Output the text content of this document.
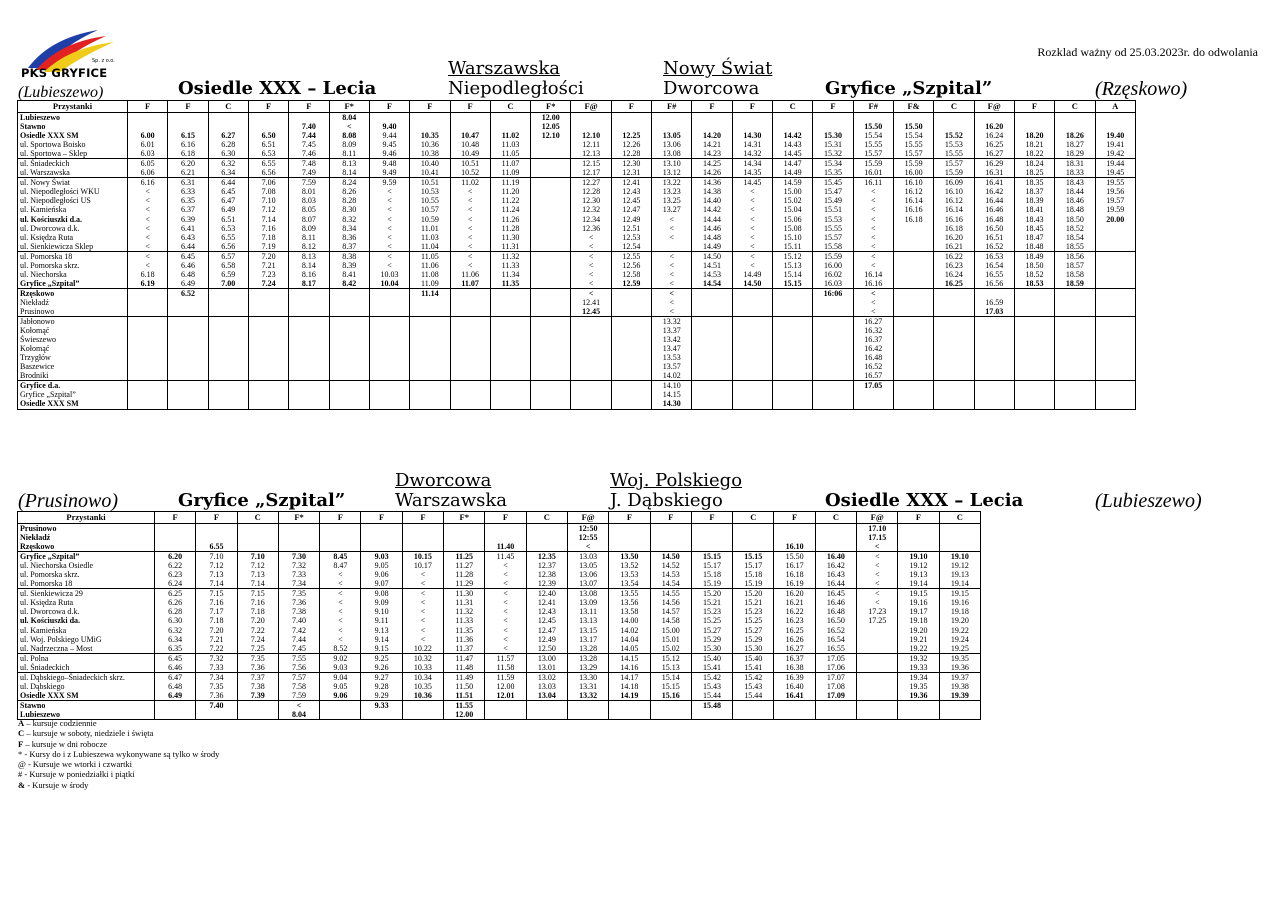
Sp. z o.o.
PKS GRYFICE
Rozklad ważny od 25.03.2023r. do odwolania
(Lubieszewo)	Osiedle XXX – Lecia
Warszawska
Niepodległości
Nowy Świat
Dworcowa	Gryfice „Szpital”	(Rzęskowo)
Przystanki	F	F	C	F	F	F*	F	F	F	C	F*	F@	F	F#	F	F	C	F	F#	F&	C	F@	F	C	A
Lubieszewo						8.04					12.00														
Stawno					7.40	<	9.40				12.05								15.50	15.50		16.20			
Osiedle XXX SM	6.00	6.15	6.27	6.50	7.44	8.08	9.44	10.35	10.47	11.02	12.10	12.10	12.25	13.05	14.20	14.30	14.42	15.30	15.54	15.54	15.52	16.24	18.20	18.26	19.40
ul. Sportowa Boisko	6.01	6.16	6.28	6.51	7.45	8.09	9.45	10.36	10.48	11.03		12.11	12.26	13.06	14.21	14.31	14.43	15.31	15.55	15.55	15.53	16.25	18.21	18.27	19.41
ul. Sportowa – Sklep	6.03	6.18	6.30	6.53	7.46	8.11	9.46	10.38	10.49	11.05		12.13	12.28	13.08	14.23	14.32	14.45	15.32	15.57	15.57	15.55	16.27	18.22	18.29	19.42
ul. Śniadeckich	6.05	6.20	6.32	6.55	7.48	8.13	9.48	10.40	10.51	11.07		12.15	12.30	13.10	14.25	14.34	14.47	15.34	15.59	15.59	15.57	16.29	18.24	18.31	19.44
ul. Warszawska	6.06	6.21	6.34	6.56	7.49	8.14	9.49	10.41	10.52	11.09		12.17	12.31	13.12	14.26	14.35	14.49	15.35	16.01	16.00	15.59	16.31	18.25	18.33	19.45
ul. Nowy Świat	6.16	6.31	6.44	7.06	7.59	8.24	9.59	10.51	11.02	11.19		12.27	12.41	13.22	14.36	14.45	14.59	15.45	16.11	16.10	16.09	16.41	18.35	18.43	19.55
ul. Niepodległości WKU	<	6.33	6.45	7.08	8.01	8.26	<	10.53	<	11.20		12.28	12.43	13.23	14.38	<	15.00	15.47	<	16.12	16.10	16.42	18.37	18.44	19.56
ul. Niepodległości US	<	6.35	6.47	7.10	8.03	8.28	<	10.55	<	11.22		12.30	12.45	13.25	14.40	<	15.02	15.49	<	16.14	16.12	16.44	18.39	18.46	19.57
ul. Kamieńska	<	6.37	6.49	7.12	8.05	8.30	<	10.57	<	11.24		12.32	12.47	13.27	14.42	<	15.04	15.51	<	16.16	16.14	16.46	18.41	18.48	19.59
ul. Kościuszki d.a.	<	6.39	6.51	7.14	8.07	8.32	<	10.59	<	11.26		12.34	12.49	<	14.44	<	15.06	15.53	<	16.18	16.16	16.48	18.43	18.50	20.00
ul. Dworcowa d.k.	<	6.41	6.53	7.16	8.09	8.34	<	11.01	<	11.28		12.36	12.51	<	14.46	<	15.08	15.55	<		16.18	16.50	18.45	18.52	
ul. Księdza Ruta	<	6.43	6.55	7.18	8.11	8.36	<	11.03	<	11.30		<	12.53	<	14.48	<	15.10	15.57	<		16.20	16.51	18.47	18.54	
ul. Sienkiewicza Sklep	<	6.44	6.56	7.19	8.12	8.37	<	11.04	<	11.31		<	12.54		14.49	<	15.11	15.58	<		16.21	16.52	18.48	18.55	
ul. Pomorska 18	<	6.45	6.57	7.20	8.13	8.38	<	11.05	<	11.32		<	12.55	<	14.50	<	15.12	15.59	<		16.22	16.53	18.49	18.56	
ul. Pomorska skrz.	<	6.46	6.58	7.21	8.14	8.39	<	11.06	<	11.33		<	12.56	<	14.51	<	15.13	16.00	<		16.23	16.54	18.50	18.57	
ul. Niechorska	6.18	6.48	6.59	7.23	8.16	8.41	10.03	11.08	11.06	11.34		<	12.58	<	14.53	14.49	15.14	16.02	16.14		16.24	16.55	18.52	18.58	
Gryfice „Szpital”	6.19	6.49	7.00	7.24	8.17	8.42	10.04	11.09	11.07	11.35		<	12.59	<	14.54	14.50	15.15	16.03	16.16		16.25	16.56	18.53	18.59	
Rzęskowo		6.52						11.14				<		<				16:06	<						
Niekładź												12.41		<					<			16.59			
Prusinowo												12.45		<					<			17.03			
Jabłonowo														13.32					16.27						
Kołomąć														13.37					16.32						
Świeszewo														13.42					16.37						
Kołomąć														13.47					16.42						
Trzygłów														13.53					16.48						
Baszewice														13.57					16.52						
Brodniki														14.02					16.57						
Gryfice d.a.														14.10					17.05						
Gryfice „Szpital”														14.15											
Osiedle XXX SM														14.30											
(Prusinowo)	Gryfice „Szpital”
Dworcowa
Warszawska
Woj. Polskiego
J. Dąbskiego	Osiedle XXX – Lecia	(Lubieszewo)
Przystanki	F	F	C	F*	F	F	F	F*	F	C	F@	F	F	F	C	F	C	F@	F	C
Prusinowo											12:50							17.10		
Niekładź											12:55							17.15		
Rzęskowo		6.55							11.40		<					16.10		<		
Gryfice „Szpital”	6.20	7.10	7.10	7.30	8.45	9.03	10.15	11.25	11.45	12.35	13.03	13.50	14.50	15.15	15.15	15.50	16.40	<	19.10	19.10
ul. Niechorska Osiedle	6.22	7.12	7.12	7.32	8.47	9.05	10.17	11.27	<	12.37	13.05	13.52	14.52	15.17	15.17	16.17	16.42	<	19.12	19.12
ul. Pomorska skrz.	6.23	7.13	7.13	7.33	<	9.06	<	11.28	<	12.38	13.06	13.53	14.53	15.18	15.18	16.18	16.43	<	19.13	19.13
ul. Pomorska 18	6.24	7.14	7.14	7.34	<	9.07	<	11.29	<	12.39	13.07	13.54	14.54	15.19	15.19	16.19	16.44	<	19.14	19.14
ul. Sienkiewicza 29	6.25	7.15	7.15	7.35	<	9.08	<	11.30	<	12.40	13.08	13.55	14.55	15.20	15.20	16.20	16.45	<	19.15	19.15
ul. Księdza Ruta	6.26	7.16	7.16	7.36	<	9.09	<	11.31	<	12.41	13.09	13.56	14.56	15.21	15.21	16.21	16.46	<	19.16	19.16
ul. Dworcowa d.k.	6.28	7.17	7.18	7.38	<	9.10	<	11.32	<	12.43	13.11	13.58	14.57	15.23	15.23	16.22	16.48	17.23	19.17	19.18
ul. Kościuszki da.	6.30	7.18	7.20	7.40	<	9.11	<	11.33	<	12.45	13.13	14.00	14.58	15.25	15.25	16.23	16.50	17.25	19.18	19.20
ul. Kamieńska	6.32	7.20	7.22	7.42	<	9.13	<	11.35	<	12.47	13.15	14.02	15.00	15.27	15.27	16.25	16.52		19.20	19.22
ul. Woj. Polskiego UMiG	6.34	7.21	7.24	7.44	<	9.14	<	11.36	<	12.49	13.17	14.04	15.01	15.29	15.29	16.26	16.54		19.21	19.24
ul. Nadrzeczna – Most	6.35	7.22	7.25	7.45	8.52	9.15	10.22	11.37	<	12.50	13.28	14.05	15.02	15.30	15.30	16.27	16.55		19.22	19.25
ul. Polna	6.45	7.32	7.35	7.55	9.02	9.25	10.32	11.47	11.57	13.00	13.28	14.15	15.12	15.40	15.40	16.37	17.05		19.32	19.35
ul. Śniadeckich	6.46	7.33	7.36	7.56	9.03	9.26	10.33	11.48	11.58	13.01	13.29	14.16	15.13	15.41	15.41	16.38	17.06		19.33	19.36
ul. Dąbskiego–Śniadeckich skrz.	6.47	7.34	7.37	7.57	9.04	9.27	10.34	11.49	11.59	13.02	13.30	14.17	15.14	15.42	15.42	16.39	17.07		19.34	19.37
ul. Dąbskiego	6.48	7.35	7.38	7.58	9.05	9.28	10.35	11.50	12.00	13.03	13.31	14.18	15.15	15.43	15.43	16.40	17.08		19.35	19.38
Osiedle XXX SM	6.49	7.36	7.39	7.59	9.06	9.29	10.36	11.51	12.01	13.04	13.32	14.19	15.16	15.44	15.44	16.41	17.09		19.36	19.39
Stawno		7.40		<		9.33		11.55						15.48						
Lubieszewo				8.04				12.00												
A – kursuje codziennie
C – kursuje w soboty, niedziele i święta
F – kursuje w dni robocze
* - Kursy do i z Lubieszewa wykonywane są tylko w środy
@ - Kursuje we wtorki i czwartki
# - Kursuje w poniedziałki i piątki
& - Kursuje w środy
